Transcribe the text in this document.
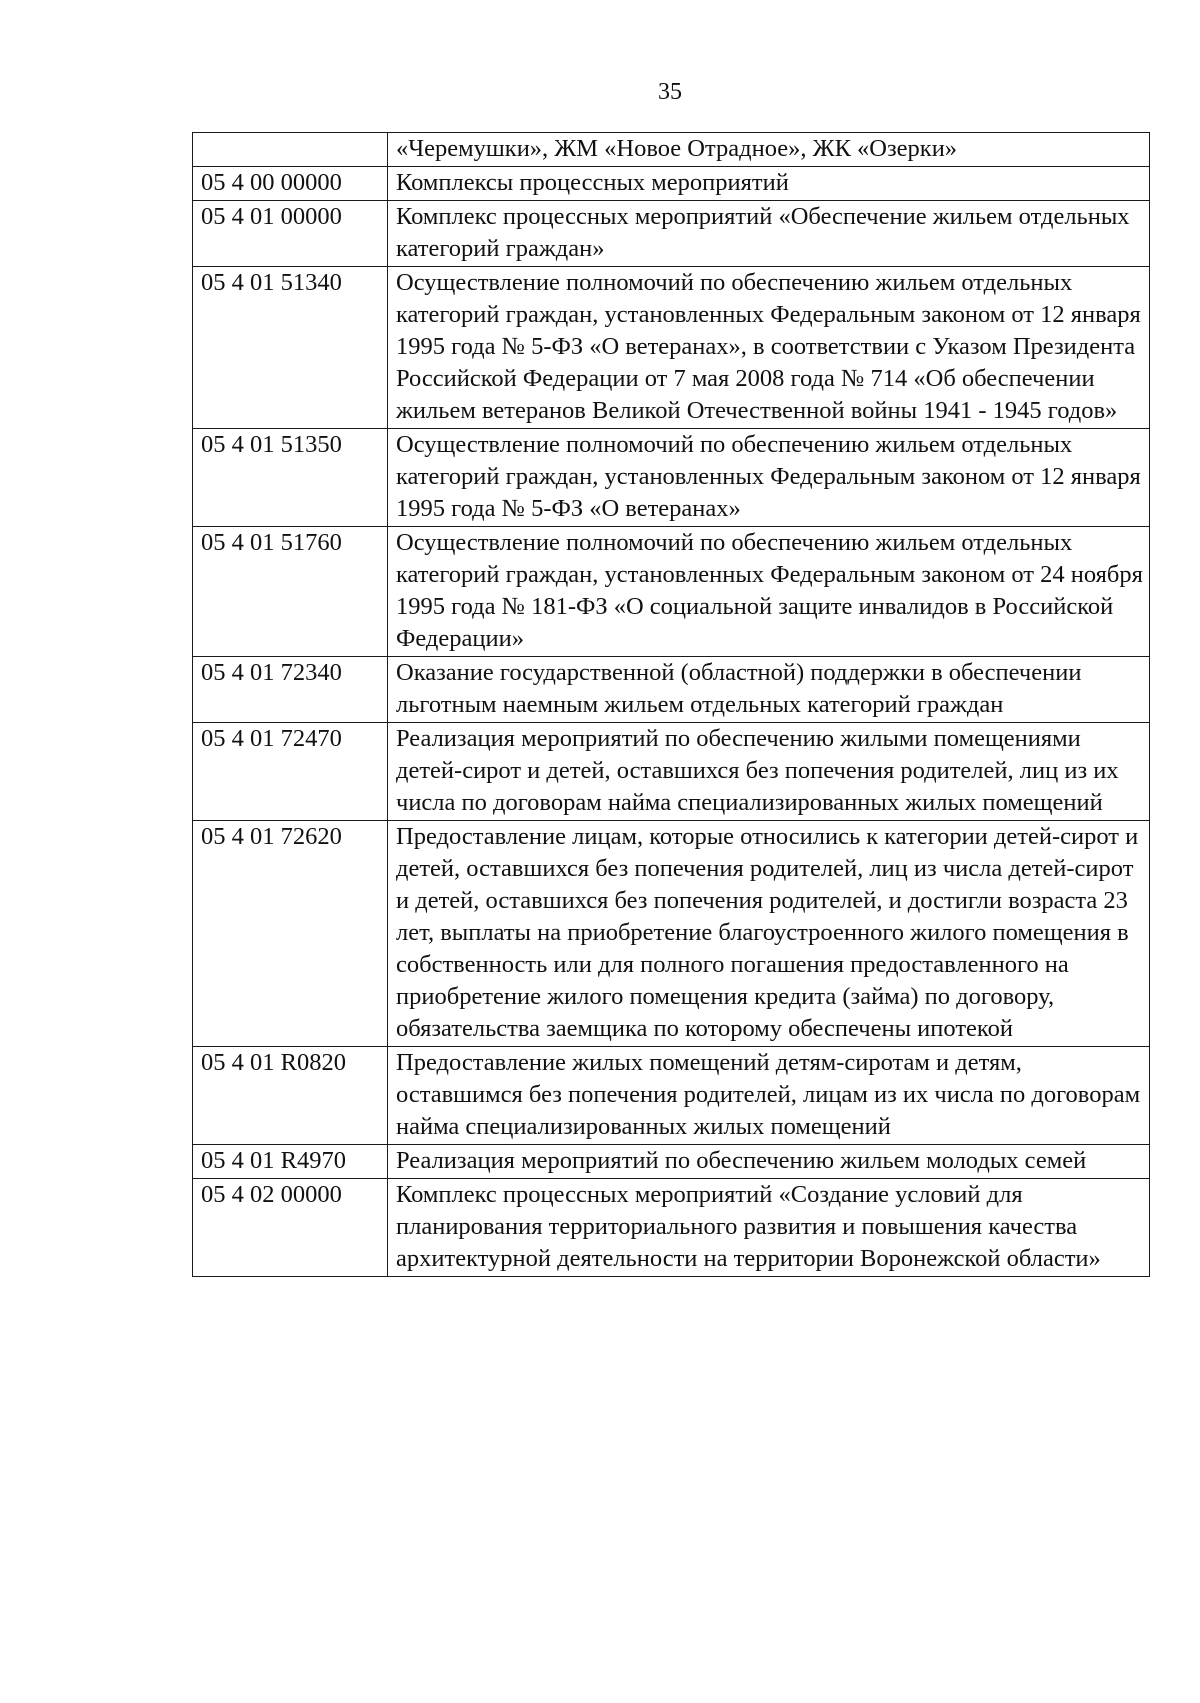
35
	«Черемушки», ЖМ «Новое Отрадное», ЖК «Озерки»
05 4 00 00000	Комплексы процессных мероприятий
05 4 01 00000	Комплекс процессных мероприятий «Обеспечение жильем отдельных категорий граждан»
05 4 01 51340	Осуществление полномочий по обеспечению жильем отдельных категорий граждан, установленных Федеральным законом от 12 января 1995 года № 5-ФЗ «О ветеранах», в соответствии с Указом Президента Российской Федерации от 7 мая 2008 года № 714 «Об обеспечении жильем ветеранов Великой Отечественной войны 1941 - 1945 годов»
05 4 01 51350	Осуществление полномочий по обеспечению жильем отдельных категорий граждан, установленных Федеральным законом от 12 января 1995 года № 5-ФЗ «О ветеранах»
05 4 01 51760	Осуществление полномочий по обеспечению жильем отдельных категорий граждан, установленных Федеральным законом от 24 ноября 1995 года № 181-ФЗ «О социальной защите инвалидов в Российской Федерации»
05 4 01 72340	Оказание государственной (областной) поддержки в обеспечении льготным наемным жильем отдельных категорий граждан
05 4 01 72470	Реализация мероприятий по обеспечению жилыми помещениями детей-сирот и детей, оставшихся без попечения родителей, лиц из их числа по договорам найма специализированных жилых помещений
05 4 01 72620	Предоставление лицам, которые относились к категории детей-сирот и детей, оставшихся без попечения родителей, лиц из числа детей-сирот и детей, оставшихся без попечения родителей, и достигли возраста 23 лет, выплаты на приобретение благоустроенного жилого помещения в собственность или для полного погашения предоставленного на приобретение жилого помещения кредита (займа) по договору, обязательства заемщика по которому обеспечены ипотекой
05 4 01 R0820	Предоставление жилых помещений детям-сиротам и детям, оставшимся без попечения родителей, лицам из их числа по договорам найма специализированных жилых помещений
05 4 01 R4970	Реализация мероприятий по обеспечению жильем молодых семей
05 4 02 00000	Комплекс процессных мероприятий «Создание условий для планирования территориального развития и повышения качества архитектурной деятельности на территории Воронежской области»
